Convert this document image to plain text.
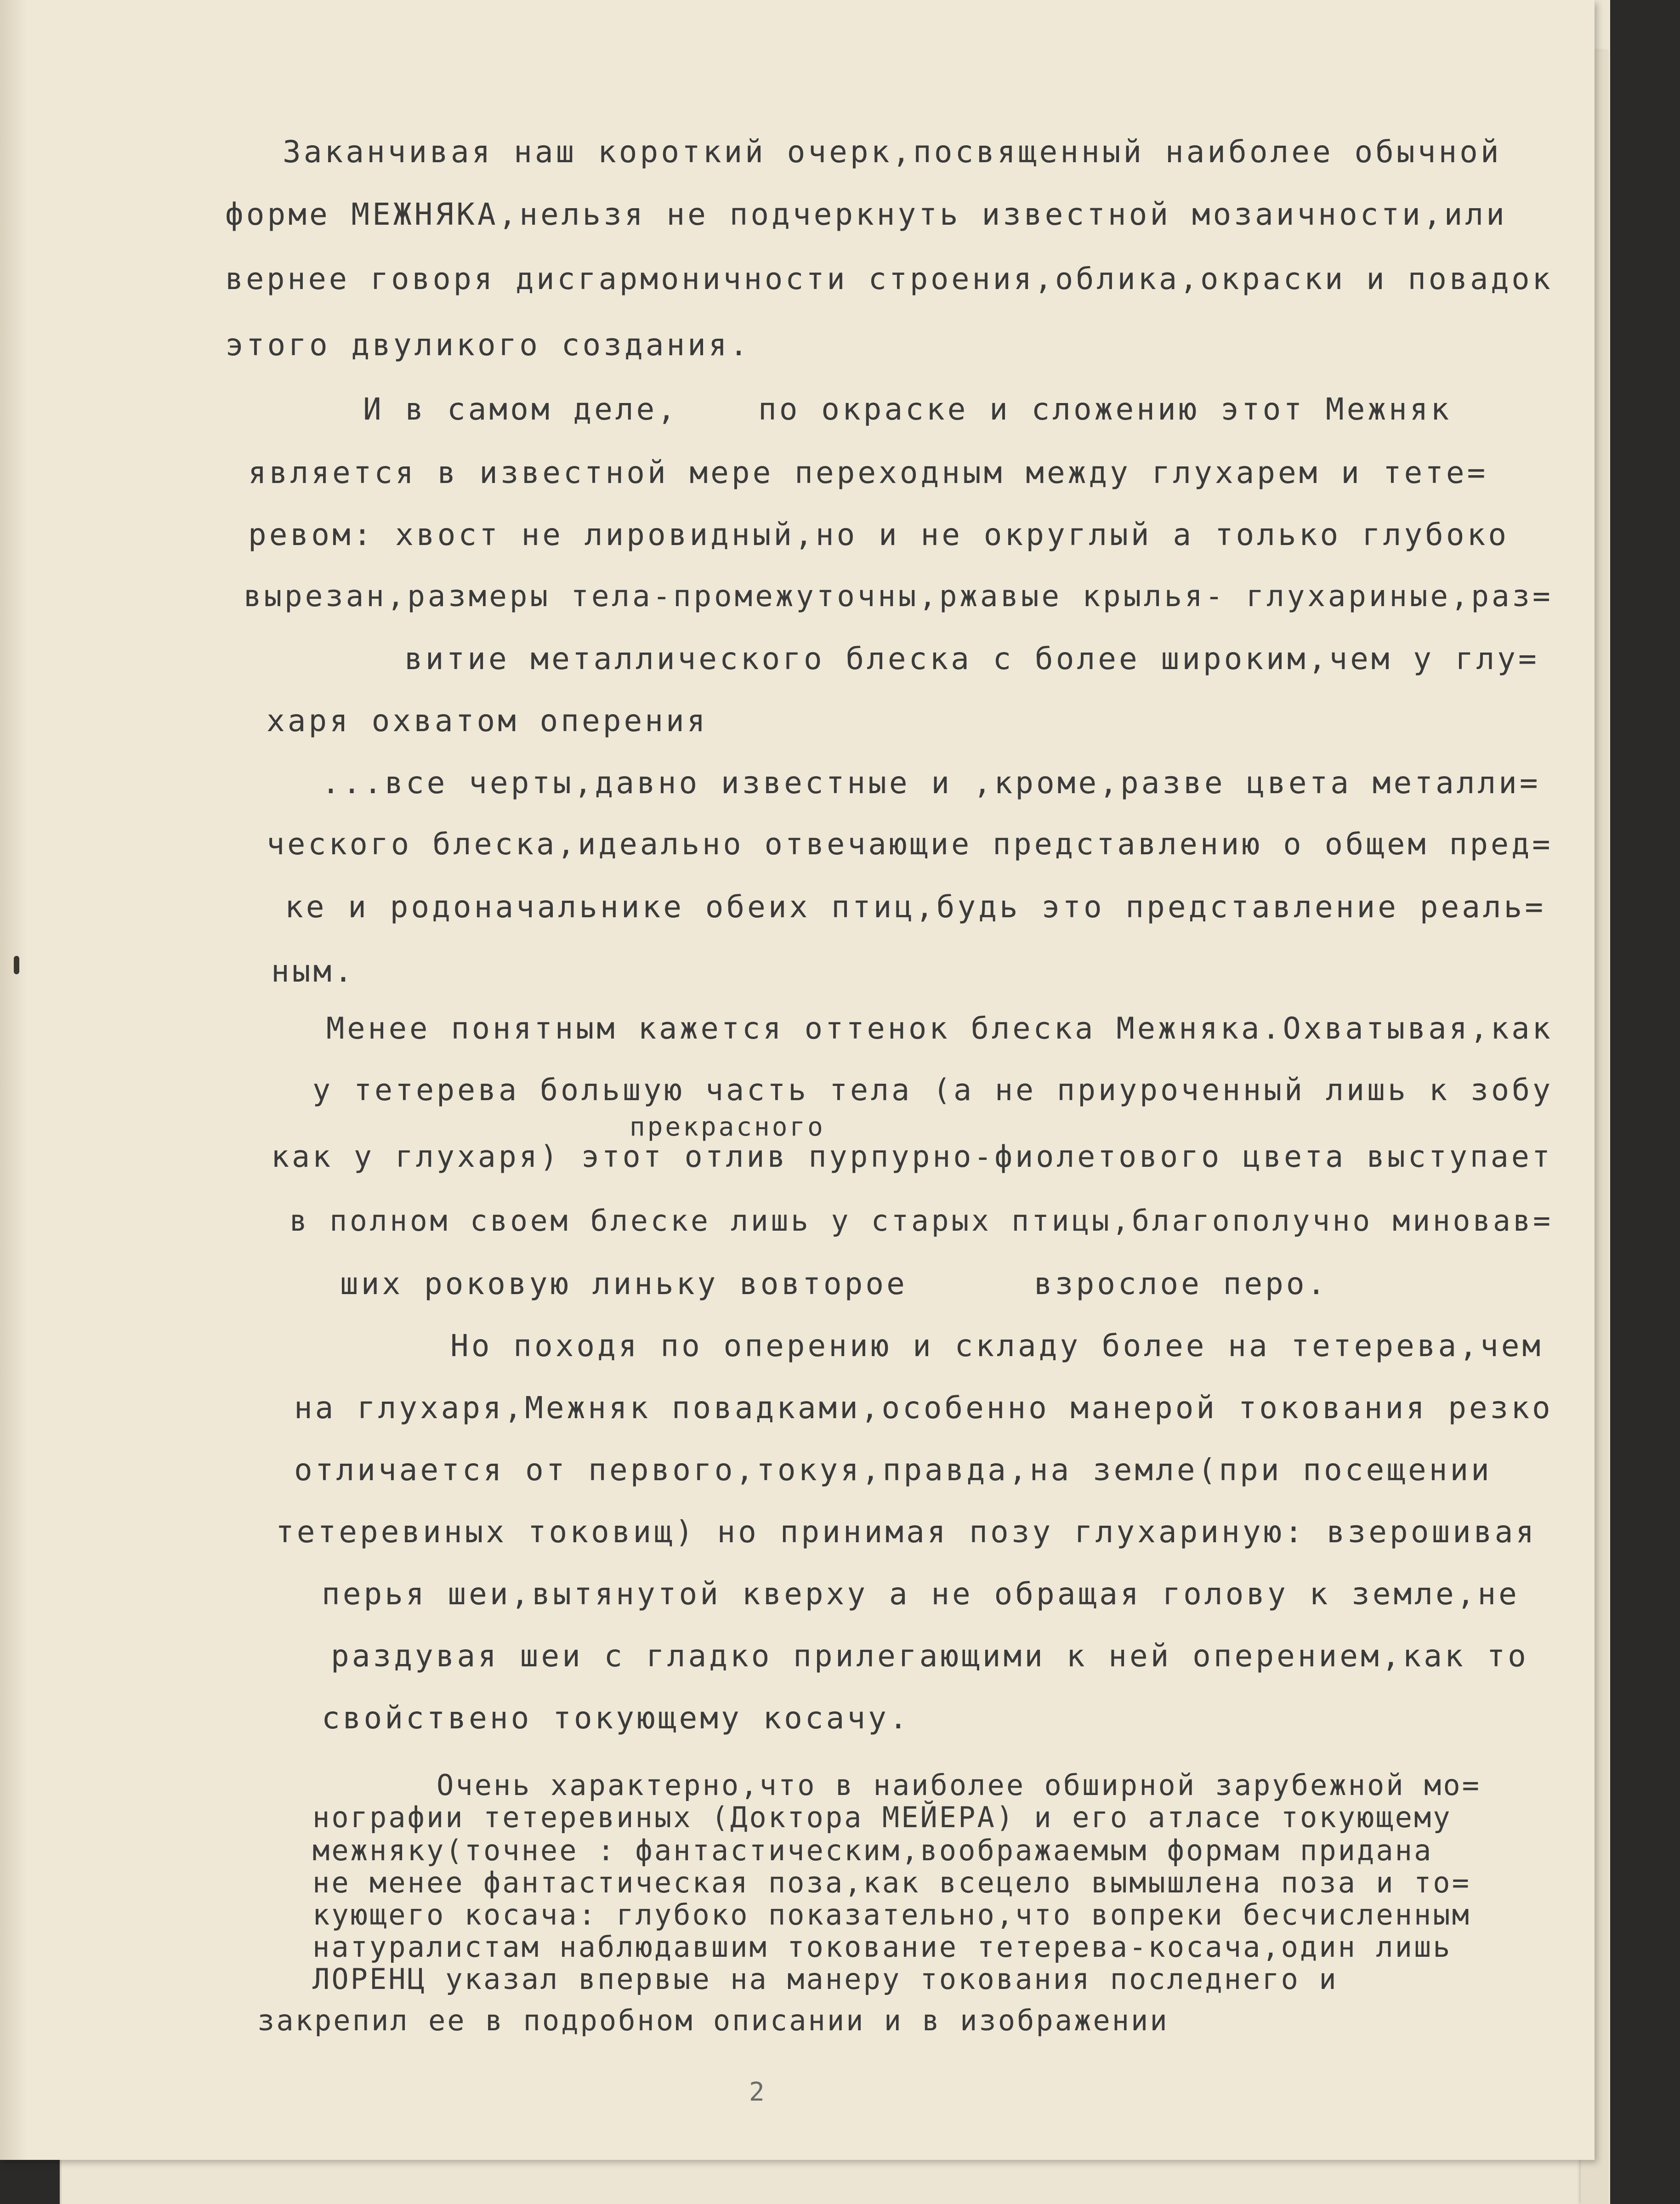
Заканчивая наш короткий очерк,посвященный наиболее обычной
форме МЕЖНЯКА,нельзя не подчеркнуть известной мозаичности,или
вернее говоря дисгармоничности строения,облика,окраски и повадок
этого двуликого создания.
И в самом деле,	по окраске и сложению этот Межняк
является в известной мере переходным между глухарем и тете=
ревом: хвост не лировидный,но и не округлый а только глубоко
вырезан,размеры тела-промежуточны,ржавые крылья- глухариные,раз=
витие металлического блеска с более широким,чем у глу=
харя охватом оперения
...все черты,давно известные и ,кроме,разве цвета металли=
ческого блеска,идеально отвечающие представлению о общем пред=
ке и родоначальнике обеих птиц,будь это представление реаль=
ным.
Менее понятным кажется оттенок блеска Межняка.Охватывая,как
у тетерева большую часть тела (а не приуроченный лишь к зобу
прекрасного
как у глухаря) этот отлив пурпурно-фиолетового цвета выступает
в полном своем блеске лишь у старых птицы,благополучно миновав=
ших роковую линьку вовторое	взрослое перо.
Но походя по оперению и складу более на тетерева,чем
на глухаря,Межняк повадками,особенно манерой токования резко
отличается от первого,токуя,правда,на земле(при посещении
тетеревиных токовищ) но принимая позу глухариную: взерошивая
перья шеи,вытянутой кверху а не обращая голову к земле,не
раздувая шеи с гладко прилегающими к ней оперением,как то
свойствено токующему косачу.
Очень характерно,что в наиболее обширной зарубежной мо=
нографии тетеревиных (Доктора МЕЙЕРА) и его атласе токующему
межняку(точнее : фантастическим,воображаемым формам придана
не менее фантастическая поза,как всецело вымышлена поза и то=
кующего косача: глубоко показательно,что вопреки бесчисленным
натуралистам наблюдавшим токование тетерева-косача,один лишь
ЛОРЕНЦ указал впервые на манеру токования последнего и
закрепил ее в подробном описании и в изображении
2
